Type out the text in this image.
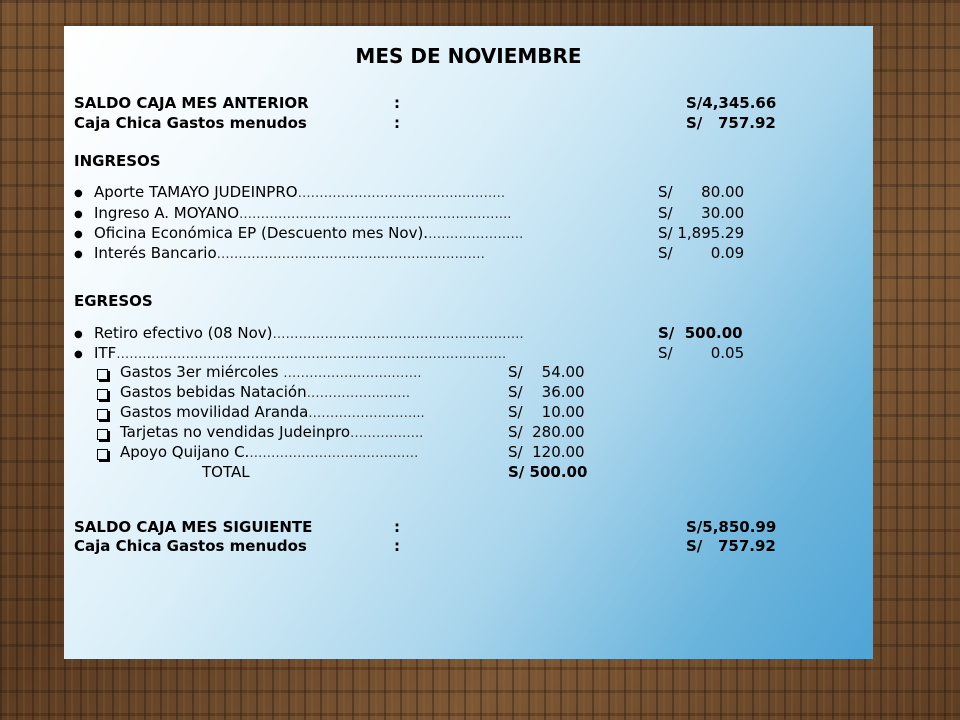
MES DE NOVIEMBRE
SALDO CAJA MES ANTERIOR	:	S/4,345.66
Caja Chica Gastos menudos	:	S/   757.92
INGRESOS
● Aporte TAMAYO JUDEINPRO………………………………..……….	S/      80.00
● Ingreso A. MOYANO……………………………………….……………..	S/      30.00
● Oficina Económica EP (Descuento mes Nov).………………….	S/ 1,895.29
● Interés Bancario………………………………..……………………	S/        0.09
EGRESOS
● Retiro efectivo (08 Nov)………………………………………………….	S/  500.00
● ITF………………………………………………………………………………	S/        0.05
Gastos 3er miércoles …………………….…….	S/    54.00
Gastos bebidas Natación……………..…….	S/    36.00
Gastos movilidad Aranda……………………...	S/    10.00
Tarjetas no vendidas Judeinpro……………..	S/  280.00
Apoyo Quijano C.…………………………………	S/  120.00
TOTAL	S/ 500.00
SALDO CAJA MES SIGUIENTE	:	S/5,850.99
Caja Chica Gastos menudos	:	S/   757.92
